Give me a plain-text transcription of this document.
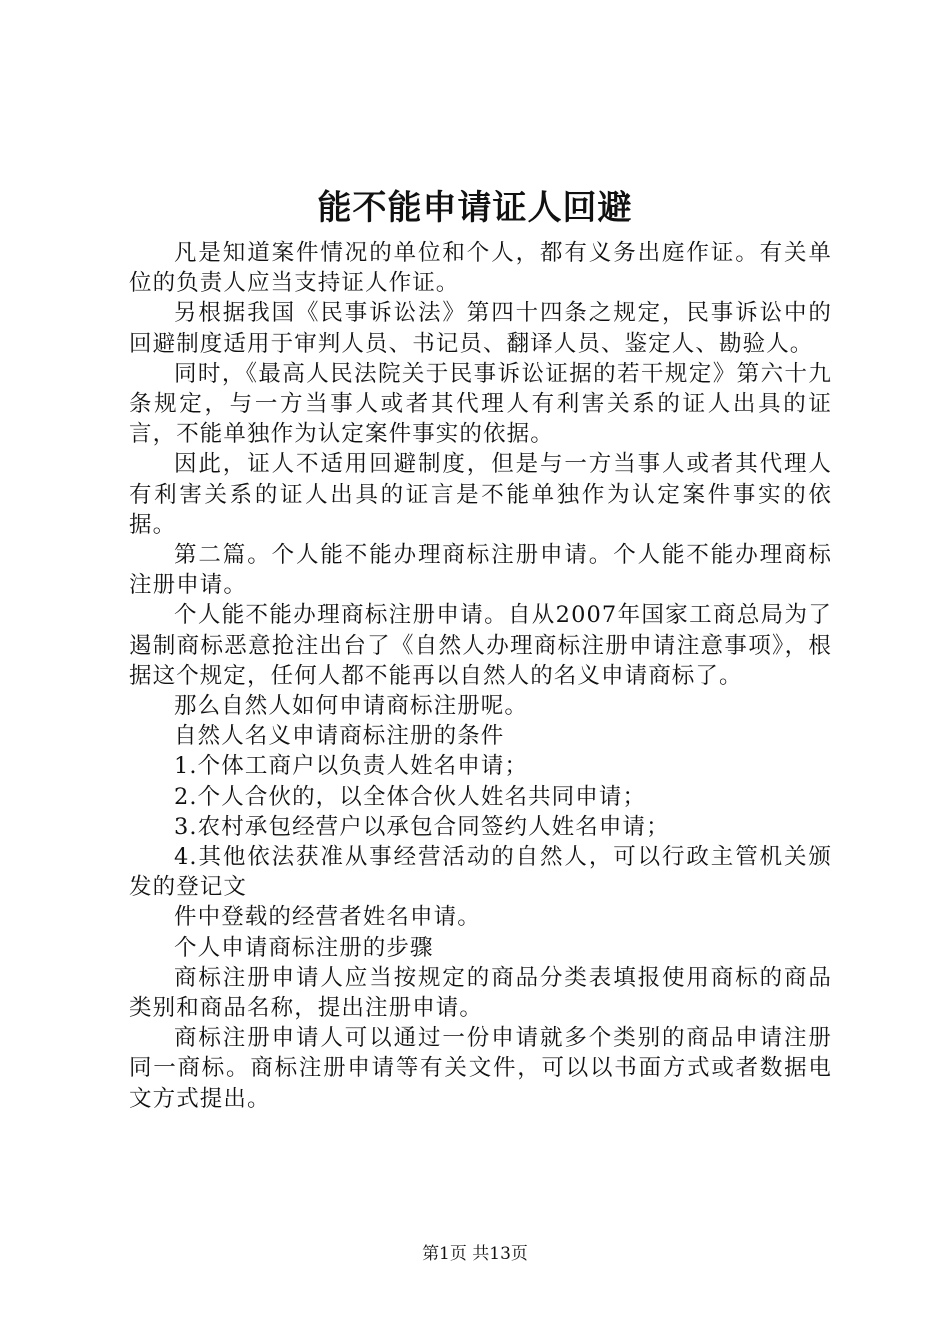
能不能申请证人回避

凡是知道案件情况的单位和个人，都有义务出庭作证。有关单位的负责人应当支持证人作证。

另根据我国《民事诉讼法》第四十四条之规定，民事诉讼中的回避制度适用于审判人员、书记员、翻译人员、鉴定人、勘验人。

同时，《最高人民法院关于民事诉讼证据的若干规定》第六十九条规定，与一方当事人或者其代理人有利害关系的证人出具的证言，不能单独作为认定案件事实的依据。

因此，证人不适用回避制度，但是与一方当事人或者其代理人有利害关系的证人出具的证言是不能单独作为认定案件事实的依据。

第二篇。个人能不能办理商标注册申请。个人能不能办理商标注册申请。

个人能不能办理商标注册申请。自从2007年国家工商总局为了遏制商标恶意抢注出台了《自然人办理商标注册申请注意事项》，根据这个规定，任何人都不能再以自然人的名义申请商标了。

那么自然人如何申请商标注册呢。

自然人名义申请商标注册的条件

1.个体工商户以负责人姓名申请；

2.个人合伙的，以全体合伙人姓名共同申请；

3.农村承包经营户以承包合同签约人姓名申请；

4.其他依法获准从事经营活动的自然人，可以行政主管机关颁发的登记文

件中登载的经营者姓名申请。

个人申请商标注册的步骤

商标注册申请人应当按规定的商品分类表填报使用商标的商品类别和商品名称，提出注册申请。

商标注册申请人可以通过一份申请就多个类别的商品申请注册同一商标。商标注册申请等有关文件，可以以书面方式或者数据电文方式提出。

第1页 共13页
